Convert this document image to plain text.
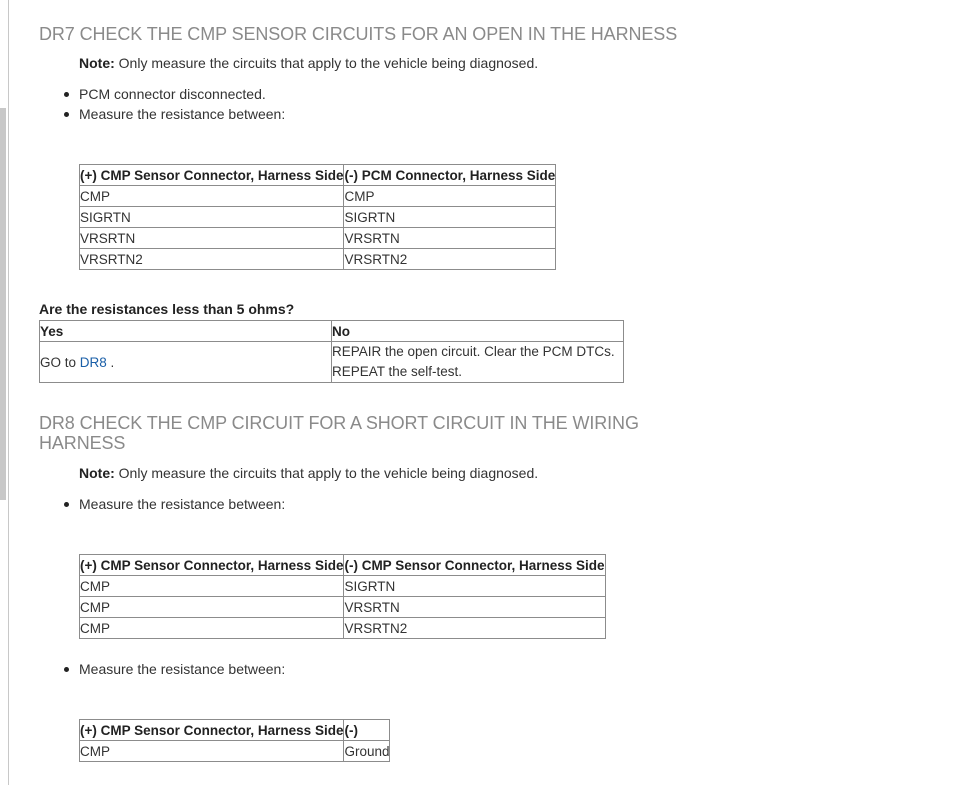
DR7 CHECK THE CMP SENSOR CIRCUITS FOR AN OPEN IN THE HARNESS

Note: Only measure the circuits that apply to the vehicle being diagnosed.

PCM connector disconnected.
Measure the resistance between:
(+) CMP Sensor Connector, Harness Side	(-) PCM Connector, Harness Side
CMP	CMP
SIGRTN	SIGRTN
VRSRTN	VRSRTN
VRSRTN2	VRSRTN2
Are the resistances less than 5 ohms?
Yes	No
GO to DR8 .	REPAIR the open circuit. Clear the PCM DTCs.
REPEAT the self-test.
DR8 CHECK THE CMP CIRCUIT FOR A SHORT CIRCUIT IN THE WIRING
HARNESS

Note: Only measure the circuits that apply to the vehicle being diagnosed.

Measure the resistance between:
(+) CMP Sensor Connector, Harness Side	(-) CMP Sensor Connector, Harness Side
CMP	SIGRTN
CMP	VRSRTN
CMP	VRSRTN2
Measure the resistance between:
(+) CMP Sensor Connector, Harness Side	(-)
CMP	Ground
